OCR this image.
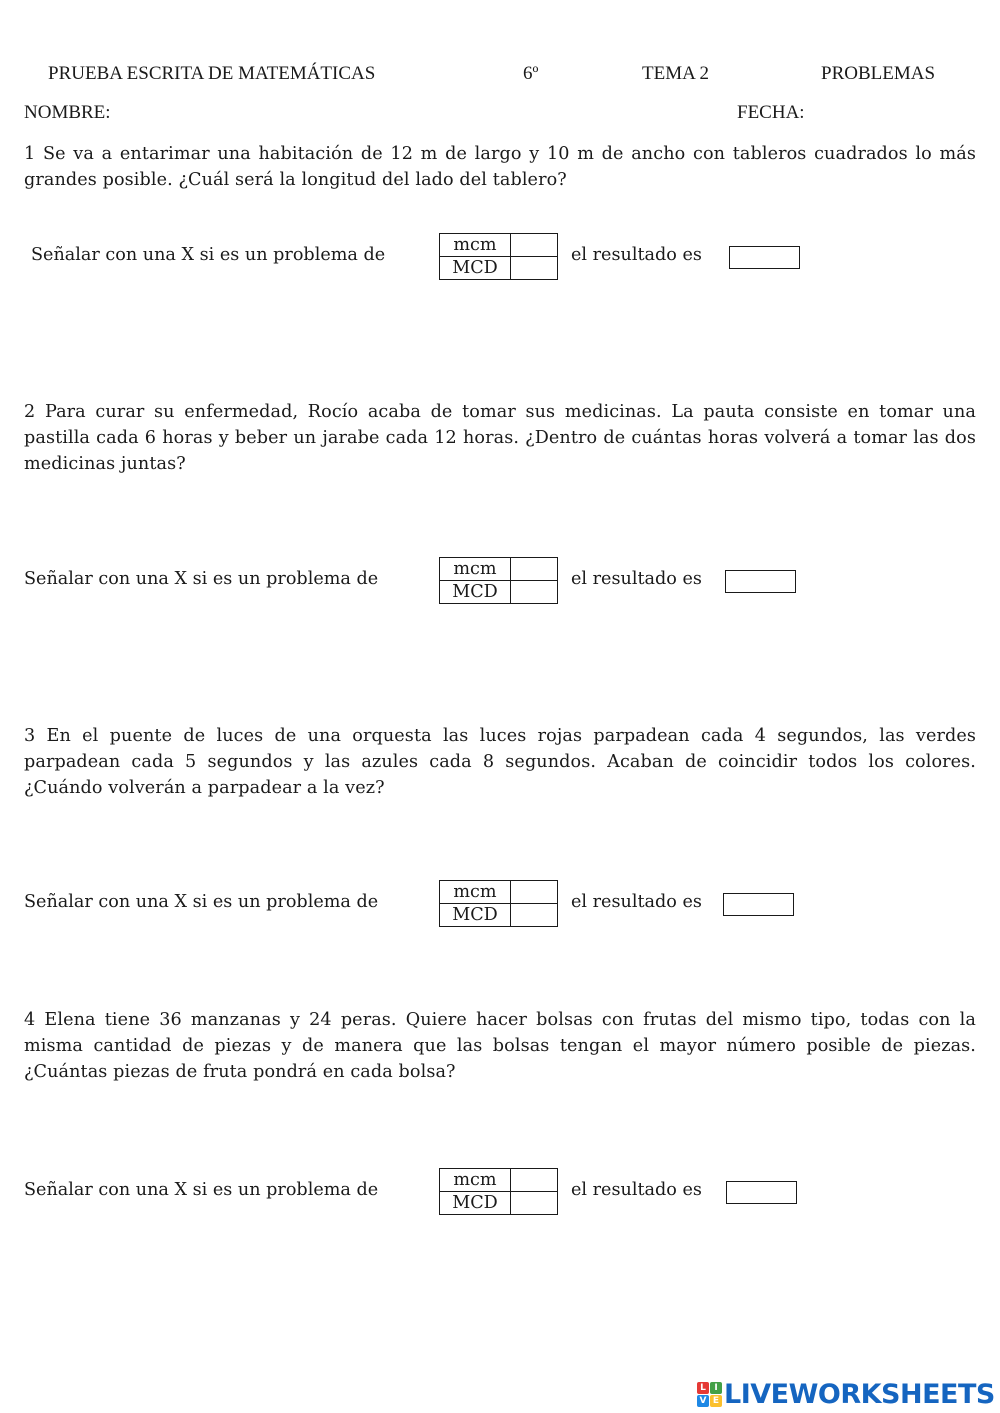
PRUEBA ESCRITA DE MATEMÁTICAS	6º	TEMA 2	PROBLEMAS
NOMBRE:	FECHA:
1 Se va a entarimar una habitación de 12 m de largo y 10 m de ancho con tableros cuadrados lo más grandes posible. ¿Cuál será la longitud del lado del tablero?
Señalar con una X si es un problema de	mcm	
MCD	
el resultado es
2 Para curar su enfermedad, Rocío acaba de tomar sus medicinas. La pauta consiste en tomar una pastilla cada 6 horas y beber un jarabe cada 12 horas. ¿Dentro de cuántas horas volverá a tomar las dos medicinas juntas?
Señalar con una X si es un problema de	mcm	
MCD	
el resultado es
3 En el puente de luces de una orquesta las luces rojas parpadean cada 4 segundos, las verdes parpadean cada 5 segundos y las azules cada 8 segundos. Acaban de coincidir todos los colores. ¿Cuándo volverán a parpadear a la vez?
Señalar con una X si es un problema de	mcm	
MCD	
el resultado es
4 Elena tiene 36 manzanas y 24 peras. Quiere hacer bolsas con frutas del mismo tipo, todas con la misma cantidad de piezas y de manera que las bolsas tengan el mayor número posible de piezas. ¿Cuántas piezas de fruta pondrá en cada bolsa?
Señalar con una X si es un problema de	mcm	
MCD	
el resultado es
L I
V E LIVEWORKSHEETS
